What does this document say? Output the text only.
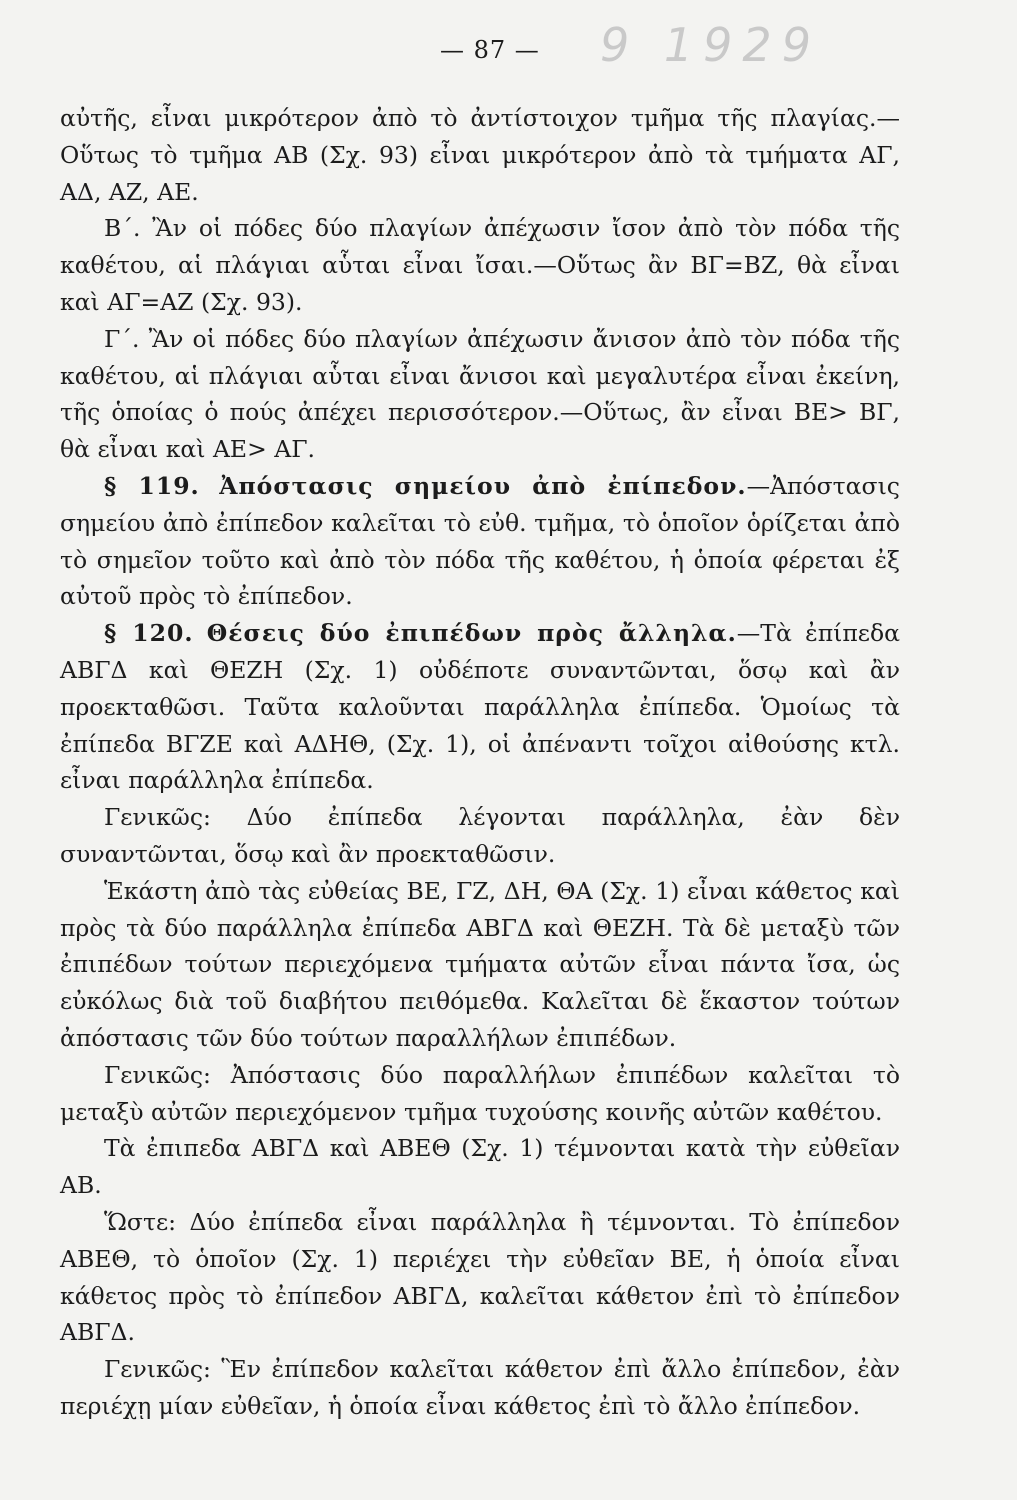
— 87 — 9 1929

αὐτῆς, εἶναι μικρότερον ἀπὸ τὸ ἀντίστοιχον τμῆμα τῆς πλαγίας.— Οὕτως τὸ τμῆμα ΑΒ (Σχ. 93) εἶναι μικρότερον ἀπὸ τὰ τμήματα ΑΓ, ΑΔ, ΑΖ, ΑΕ.

Β΄. Ἂν οἱ πόδες δύο πλαγίων ἀπέχωσιν ἴσον ἀπὸ τὸν πόδα τῆς καθέτου, αἱ πλάγιαι αὗται εἶναι ἴσαι.—Οὕτως ἂν ΒΓ=ΒΖ, θὰ εἶναι καὶ ΑΓ=ΑΖ (Σχ. 93).

Γ΄. Ἂν οἱ πόδες δύο πλαγίων ἀπέχωσιν ἄνισον ἀπὸ τὸν πόδα τῆς καθέτου, αἱ πλάγιαι αὗται εἶναι ἄνισοι καὶ μεγαλυτέρα εἶναι ἐκείνη, τῆς ὁποίας ὁ πούς ἀπέχει περισσότερον.—Οὕτως, ἂν εἶναι ΒΕ> ΒΓ, θὰ εἶναι καὶ ΑΕ> ΑΓ.

§ 119. Ἀπόστασις σημείου ἀπὸ ἐπίπεδον.—Ἀπόστασις σημείου ἀπὸ ἐπίπεδον καλεῖται τὸ εὐθ. τμῆμα, τὸ ὁποῖον ὁρίζεται ἀπὸ τὸ σημεῖον τοῦτο καὶ ἀπὸ τὸν πόδα τῆς καθέτου, ἡ ὁποία φέρεται ἐξ αὐτοῦ πρὸς τὸ ἐπίπεδον.

§ 120. Θέσεις δύο ἐπιπέδων πρὸς ἄλληλα.—Τὰ ἐπίπεδα ΑΒΓΔ καὶ ΘΕΖΗ (Σχ. 1) οὐδέποτε συναντῶνται, ὅσῳ καὶ ἂν προεκταθῶσι. Ταῦτα καλοῦνται παράλληλα ἐπίπεδα. Ὁμοίως τὰ ἐπίπεδα ΒΓΖΕ καὶ ΑΔΗΘ, (Σχ. 1), οἱ ἀπέναντι τοῖχοι αἰθούσης κτλ. εἶναι παράλληλα ἐπίπεδα.

Γενικῶς: Δύο ἐπίπεδα λέγονται παράλληλα, ἐὰν δὲν συναντῶνται, ὅσῳ καὶ ἂν προεκταθῶσιν.

Ἑκάστη ἀπὸ τὰς εὐθείας ΒΕ, ΓΖ, ΔΗ, ΘΑ (Σχ. 1) εἶναι κάθετος καὶ πρὸς τὰ δύο παράλληλα ἐπίπεδα ΑΒΓΔ καὶ ΘΕΖΗ. Τὰ δὲ μεταξὺ τῶν ἐπιπέδων τούτων περιεχόμενα τμήματα αὐτῶν εἶναι πάντα ἴσα, ὡς εὐκόλως διὰ τοῦ διαβήτου πειθόμεθα. Καλεῖται δὲ ἕκαστον τούτων ἀπόστασις τῶν δύο τούτων παραλλήλων ἐπιπέδων.

Γενικῶς: Ἀπόστασις δύο παραλλήλων ἐπιπέδων καλεῖται τὸ μεταξὺ αὐτῶν περιεχόμενον τμῆμα τυχούσης κοινῆς αὐτῶν καθέτου.

Τὰ ἐπιπεδα ΑΒΓΔ καὶ ΑΒΕΘ (Σχ. 1) τέμνονται κατὰ τὴν εὐθεῖαν ΑΒ.

Ὥστε: Δύο ἐπίπεδα εἶναι παράλληλα ἢ τέμνονται. Τὸ ἐπίπεδον ΑΒΕΘ, τὸ ὁποῖον (Σχ. 1) περιέχει τὴν εὐθεῖαν ΒΕ, ἡ ὁποία εἶναι κάθετος πρὸς τὸ ἐπίπεδον ΑΒΓΔ, καλεῖται κάθετον ἐπὶ τὸ ἐπίπεδον ΑΒΓΔ.

Γενικῶς: Ἓν ἐπίπεδον καλεῖται κάθετον ἐπὶ ἄλλο ἐπίπεδον, ἐὰν περιέχῃ μίαν εὐθεῖαν, ἡ ὁποία εἶναι κάθετος ἐπὶ τὸ ἄλλο ἐπίπεδον.
